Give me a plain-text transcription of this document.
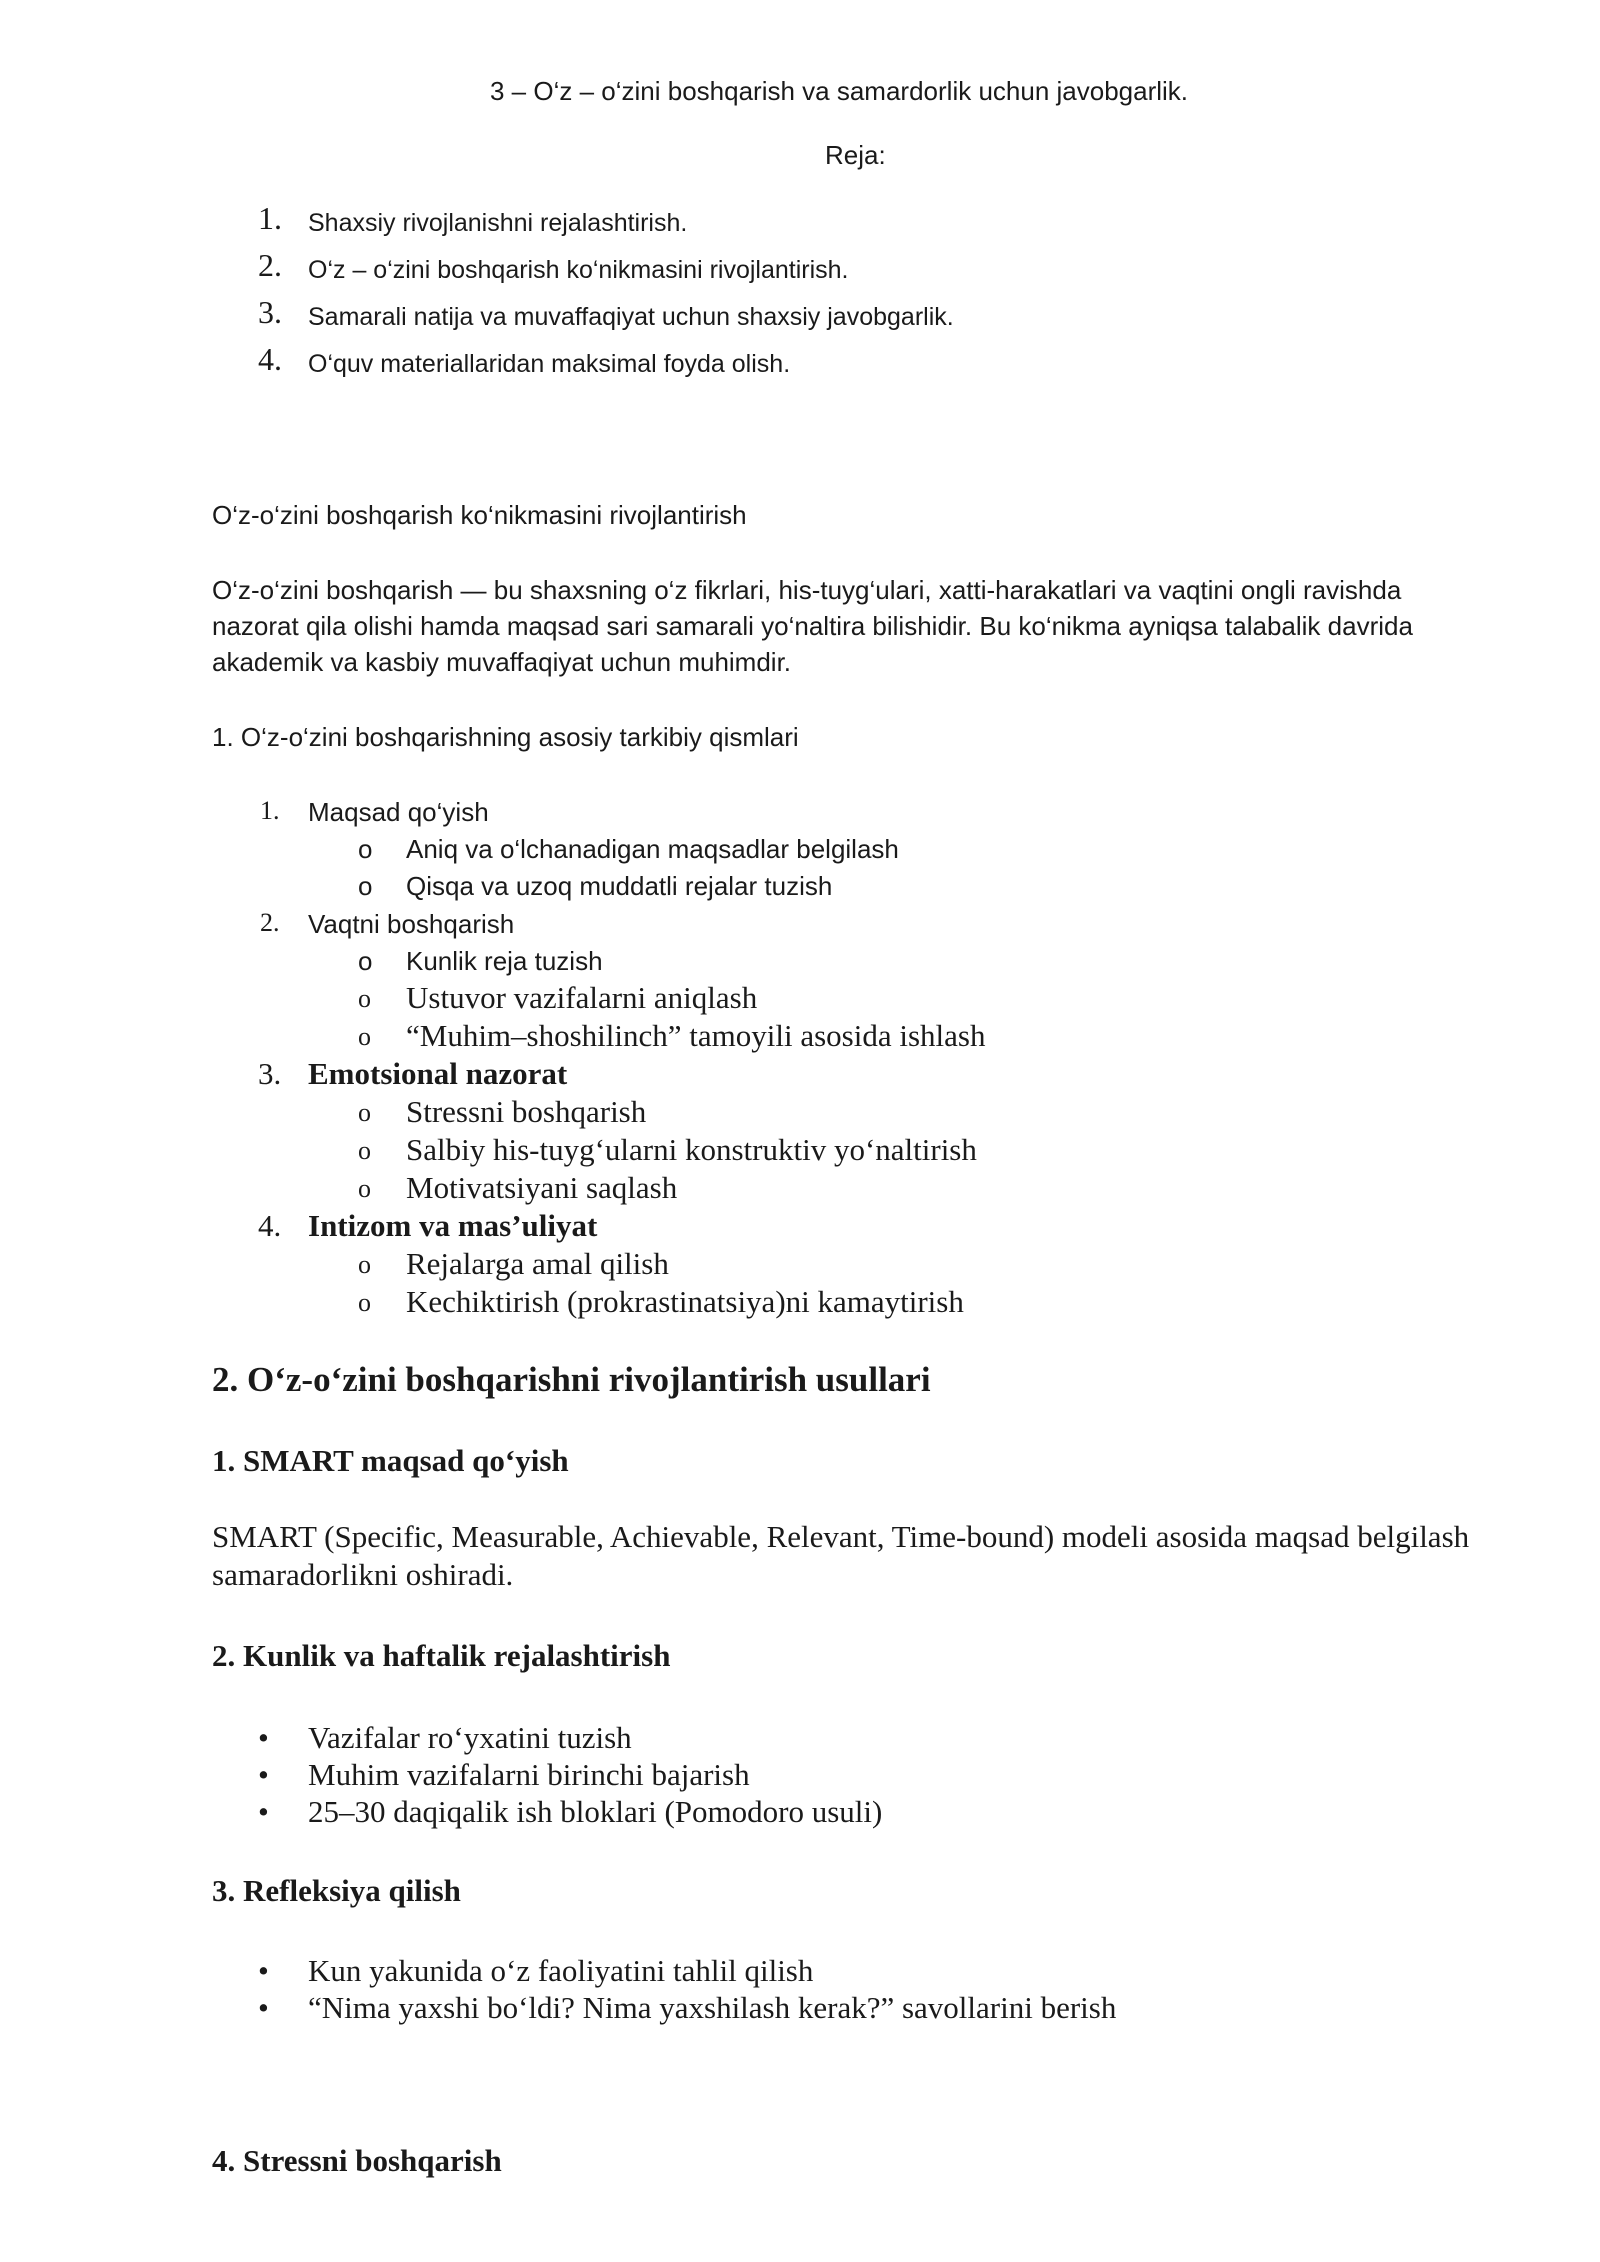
3 – O‘z – o‘zini boshqarish va samardorlik uchun javobgarlik.
Reja:
1. Shaxsiy rivojlanishni rejalashtirish.
2. O‘z – o‘zini boshqarish ko‘nikmasini rivojlantirish.
3. Samarali natija va muvaffaqiyat uchun shaxsiy javobgarlik.
4. O‘quv materiallaridan maksimal foyda olish.
O‘z-o‘zini boshqarish ko‘nikmasini rivojlantirish
O‘z-o‘zini boshqarish — bu shaxsning o‘z fikrlari, his-tuyg‘ulari, xatti-harakatlari va vaqtini ongli ravishda nazorat qila olishi hamda maqsad sari samarali yo‘naltira bilishidir. Bu ko‘nikma ayniqsa talabalik davrida akademik va kasbiy muvaffaqiyat uchun muhimdir.
1. O‘z-o‘zini boshqarishning asosiy tarkibiy qismlari
1. Maqsad qo‘yish
o Aniq va o‘lchanadigan maqsadlar belgilash
o Qisqa va uzoq muddatli rejalar tuzish
2. Vaqtni boshqarish
o Kunlik reja tuzish
o Ustuvor vazifalarni aniqlash
o “Muhim–shoshilinch” tamoyili asosida ishlash
3. Emotsional nazorat
o Stressni boshqarish
o Salbiy his-tuyg‘ularni konstruktiv yo‘naltirish
o Motivatsiyani saqlash
4. Intizom va mas’uliyat
o Rejalarga amal qilish
o Kechiktirish (prokrastinatsiya)ni kamaytirish
2. O‘z-o‘zini boshqarishni rivojlantirish usullari
1. SMART maqsad qo‘yish
SMART (Specific, Measurable, Achievable, Relevant, Time-bound) modeli asosida maqsad belgilash samaradorlikni oshiradi.
2. Kunlik va haftalik rejalashtirish
• Vazifalar ro‘yxatini tuzish
• Muhim vazifalarni birinchi bajarish
• 25–30 daqiqalik ish bloklari (Pomodoro usuli)
3. Refleksiya qilish
• Kun yakunida o‘z faoliyatini tahlil qilish
• “Nima yaxshi bo‘ldi? Nima yaxshilash kerak?” savollarini berish
4. Stressni boshqarish
